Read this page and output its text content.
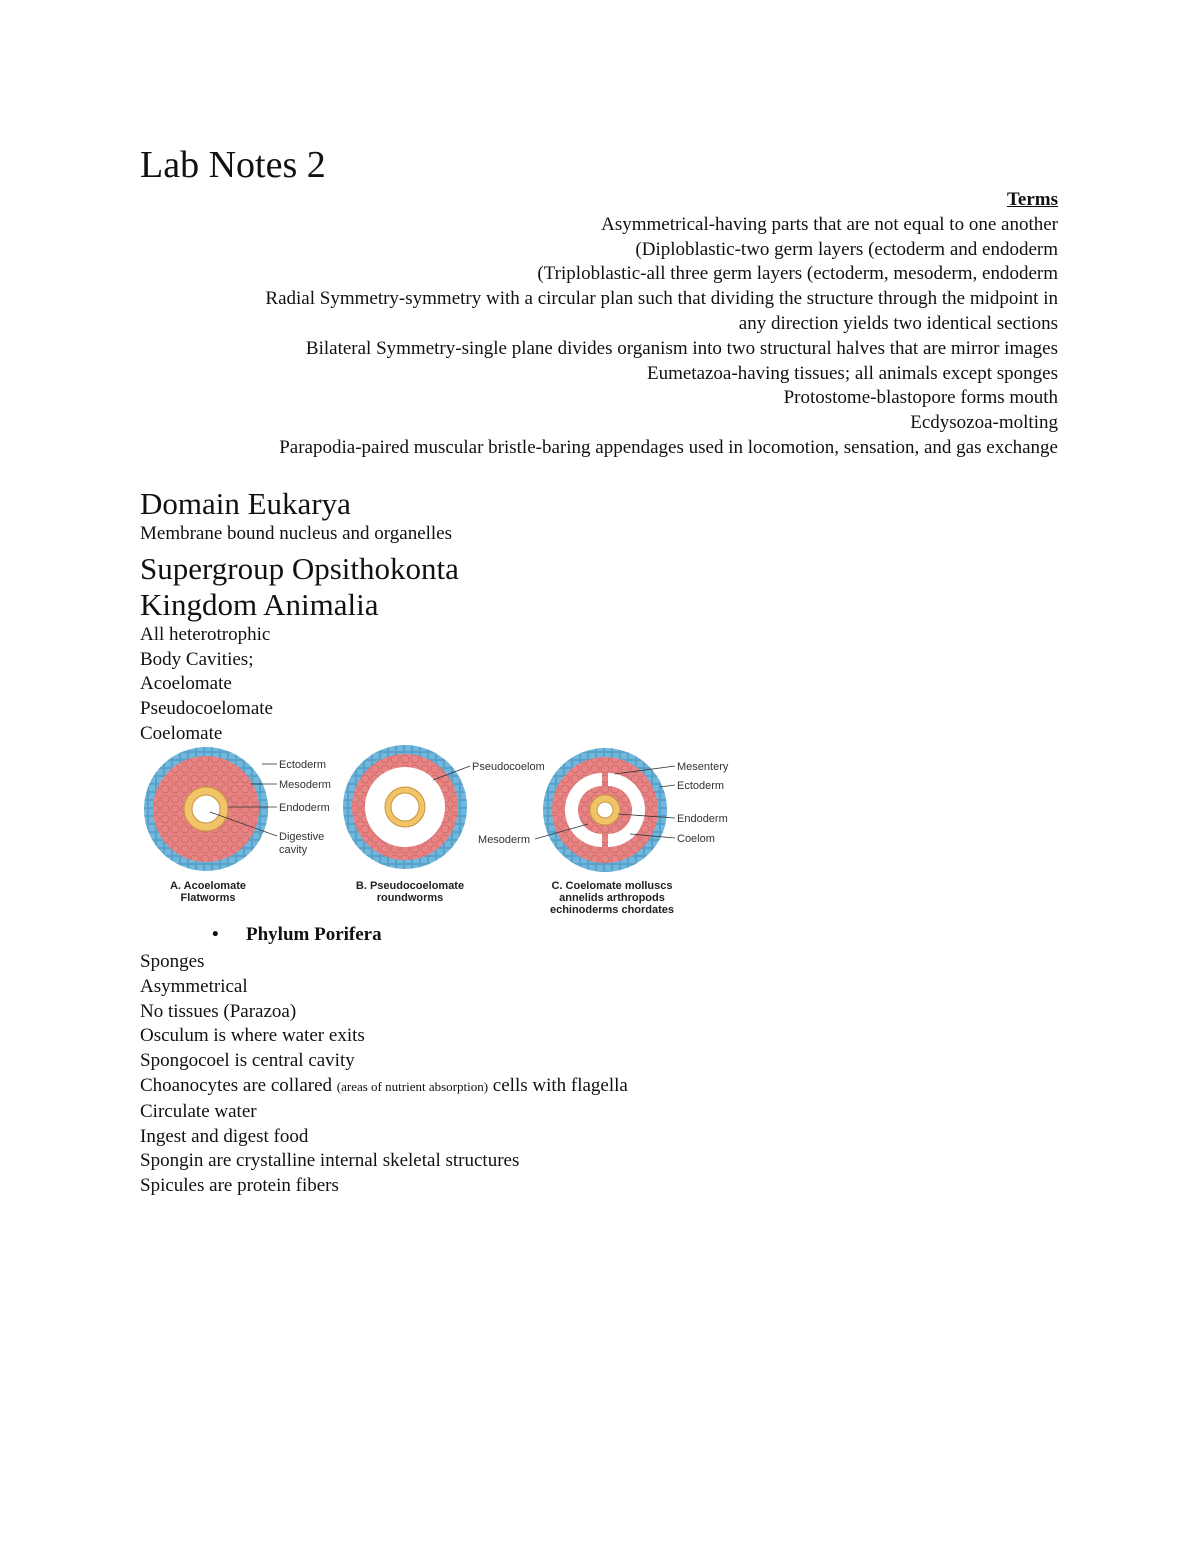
Lab Notes 2
Terms
Asymmetrical-having parts that are not equal to one another
(Diploblastic-two germ layers (ectoderm and endoderm
(Triploblastic-all three germ layers (ectoderm, mesoderm, endoderm
Radial Symmetry-symmetry with a circular plan such that dividing the structure through the midpoint in
any direction yields two identical sections
Bilateral Symmetry-single plane divides organism into two structural halves that are mirror images
Eumetazoa-having tissues; all animals except sponges
Protostome-blastopore forms mouth
Ecdysozoa-molting
Parapodia-paired muscular bristle-baring appendages used in locomotion, sensation, and gas exchange
Domain Eukarya
Membrane bound nucleus and organelles
Supergroup Opsithokonta
Kingdom Animalia
All heterotrophic
Body Cavities;
Acoelomate
Pseudocoelomate
Coelomate
Ectoderm
Mesoderm
Endoderm
Digestive
cavity
A. Acoelomate
Flatworms
Pseudocoelom
B. Pseudocoelomate
roundworms
Mesentery
Ectoderm
Endoderm
Coelom
Mesoderm
C. Coelomate molluscs
annelids arthropods
echinoderms chordates
• Phylum Porifera
Sponges
Asymmetrical
No tissues (Parazoa)
Osculum is where water exits
Spongocoel is central cavity
Choanocytes are collared (areas of nutrient absorption) cells with flagella
Circulate water
Ingest and digest food
Spongin are crystalline internal skeletal structures
Spicules are protein fibers
